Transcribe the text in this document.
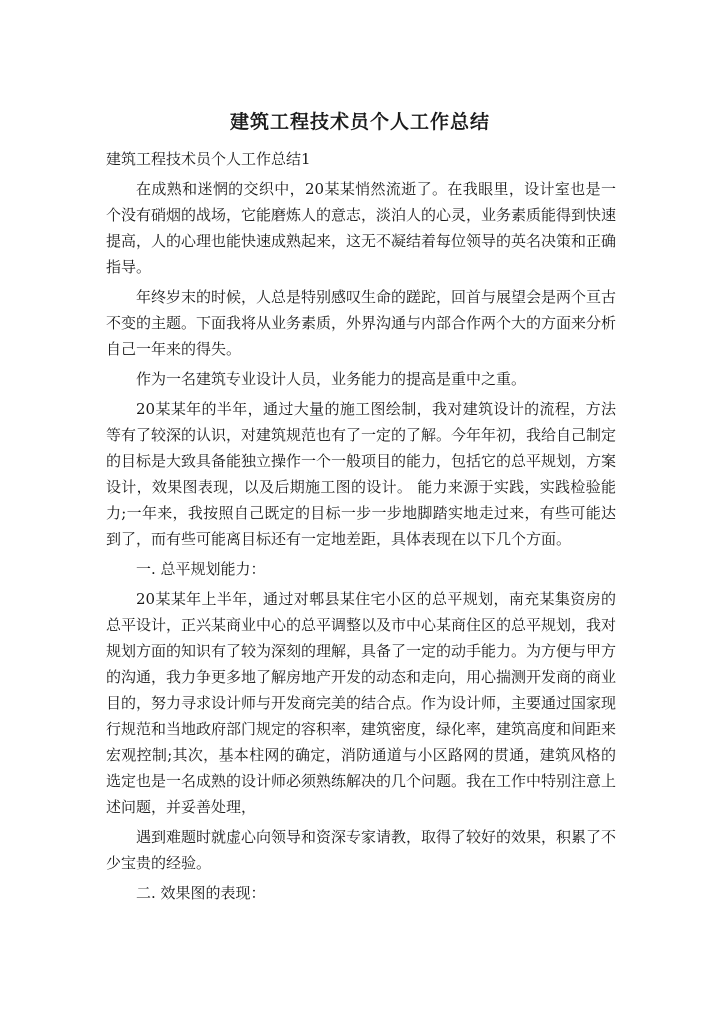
建筑工程技术员个人工作总结

建筑工程技术员个人工作总结1

在成熟和迷惘的交织中，20某某悄然流逝了。在我眼里，设计室也是一个没有硝烟的战场，它能磨炼人的意志，淡泊人的心灵，业务素质能得到快速提高，人的心理也能快速成熟起来，这无不凝结着每位领导的英名决策和正确指导。

年终岁末的时候，人总是特别感叹生命的蹉跎，回首与展望会是两个亘古不变的主题。下面我将从业务素质，外界沟通与内部合作两个大的方面来分析自己一年来的得失。

作为一名建筑专业设计人员，业务能力的提高是重中之重。

20某某年的半年，通过大量的施工图绘制，我对建筑设计的流程，方法等有了较深的认识，对建筑规范也有了一定的了解。今年年初，我给自己制定的目标是大致具备能独立操作一个一般项目的能力，包括它的总平规划，方案设计，效果图表现，以及后期施工图的设计。 能力来源于实践，实践检验能力;一年来，我按照自己既定的目标一步一步地脚踏实地走过来，有些可能达到了，而有些可能离目标还有一定地差距，具体表现在以下几个方面。

一. 总平规划能力：

20某某年上半年，通过对郫县某住宅小区的总平规划，南充某集资房的总平设计，正兴某商业中心的总平调整以及市中心某商住区的总平规划，我对规划方面的知识有了较为深刻的理解，具备了一定的动手能力。为方便与甲方的沟通，我力争更多地了解房地产开发的动态和走向，用心揣测开发商的商业目的，努力寻求设计师与开发商完美的结合点。作为设计师，主要通过国家现行规范和当地政府部门规定的容积率，建筑密度，绿化率，建筑高度和间距来宏观控制;其次，基本柱网的确定，消防通道与小区路网的贯通，建筑风格的选定也是一名成熟的设计师必须熟练解决的几个问题。我在工作中特别注意上述问题，并妥善处理，

遇到难题时就虚心向领导和资深专家请教，取得了较好的效果，积累了不少宝贵的经验。

二. 效果图的表现：
